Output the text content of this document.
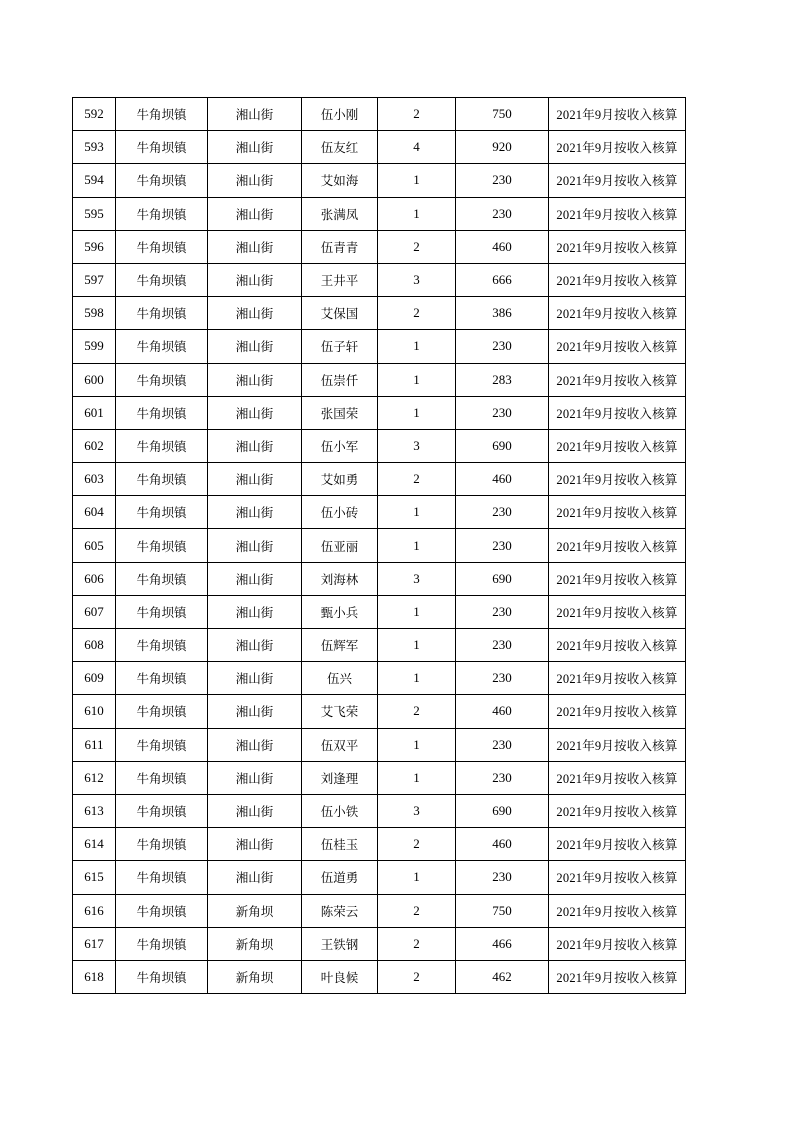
592	牛角坝镇	湘山街	伍小刚	2	750	2021年9月按收入核算
593	牛角坝镇	湘山街	伍友红	4	920	2021年9月按收入核算
594	牛角坝镇	湘山街	艾如海	1	230	2021年9月按收入核算
595	牛角坝镇	湘山街	张满凤	1	230	2021年9月按收入核算
596	牛角坝镇	湘山街	伍青青	2	460	2021年9月按收入核算
597	牛角坝镇	湘山街	王井平	3	666	2021年9月按收入核算
598	牛角坝镇	湘山街	艾保国	2	386	2021年9月按收入核算
599	牛角坝镇	湘山街	伍子轩	1	230	2021年9月按收入核算
600	牛角坝镇	湘山街	伍崇仟	1	283	2021年9月按收入核算
601	牛角坝镇	湘山街	张国荣	1	230	2021年9月按收入核算
602	牛角坝镇	湘山街	伍小军	3	690	2021年9月按收入核算
603	牛角坝镇	湘山街	艾如勇	2	460	2021年9月按收入核算
604	牛角坝镇	湘山街	伍小砖	1	230	2021年9月按收入核算
605	牛角坝镇	湘山街	伍亚丽	1	230	2021年9月按收入核算
606	牛角坝镇	湘山街	刘海林	3	690	2021年9月按收入核算
607	牛角坝镇	湘山街	甄小兵	1	230	2021年9月按收入核算
608	牛角坝镇	湘山街	伍辉军	1	230	2021年9月按收入核算
609	牛角坝镇	湘山街	伍兴	1	230	2021年9月按收入核算
610	牛角坝镇	湘山街	艾飞荣	2	460	2021年9月按收入核算
611	牛角坝镇	湘山街	伍双平	1	230	2021年9月按收入核算
612	牛角坝镇	湘山街	刘逢理	1	230	2021年9月按收入核算
613	牛角坝镇	湘山街	伍小铁	3	690	2021年9月按收入核算
614	牛角坝镇	湘山街	伍桂玉	2	460	2021年9月按收入核算
615	牛角坝镇	湘山街	伍道勇	1	230	2021年9月按收入核算
616	牛角坝镇	新角坝	陈荣云	2	750	2021年9月按收入核算
617	牛角坝镇	新角坝	王铁钢	2	466	2021年9月按收入核算
618	牛角坝镇	新角坝	叶良候	2	462	2021年9月按收入核算
